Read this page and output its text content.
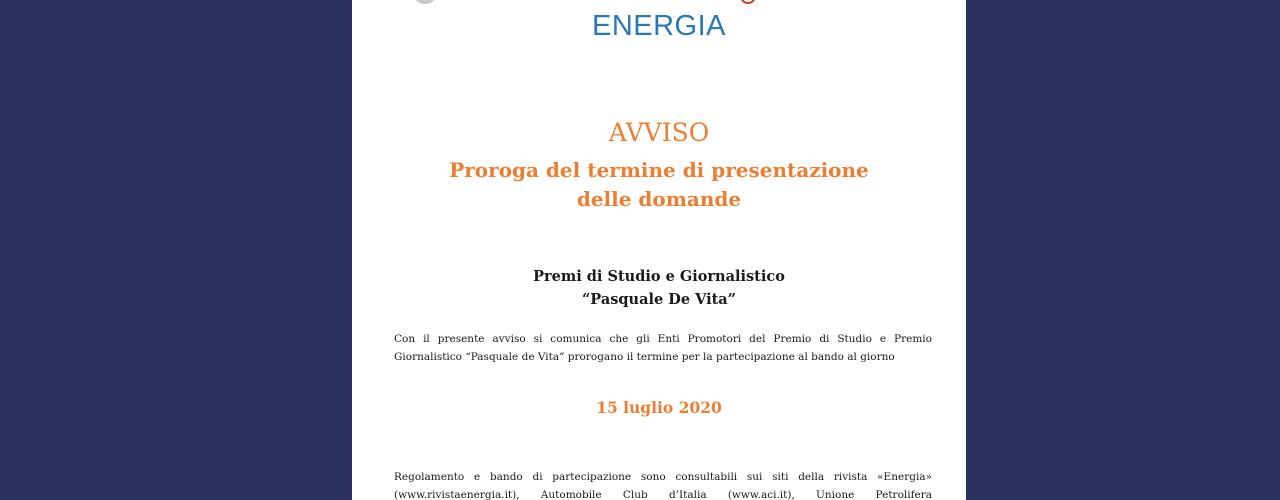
ENERGIA
AVVISO
Proroga del termine di presentazione
delle domande
Premi di Studio e Giornalistico
“Pasquale De Vita”
Con il presente avviso si comunica che gli Enti Promotori del Premio di Studio e Premio
Giornalistico “Pasquale de Vita” prorogano il termine per la partecipazione al bando al giorno
15 luglio 2020
Regolamento e bando di partecipazione sono consultabili sui siti della rivista «Energia»
(www.rivistaenergia.it), Automobile Club d’Italia (www.aci.it), Unione Petrolifera
